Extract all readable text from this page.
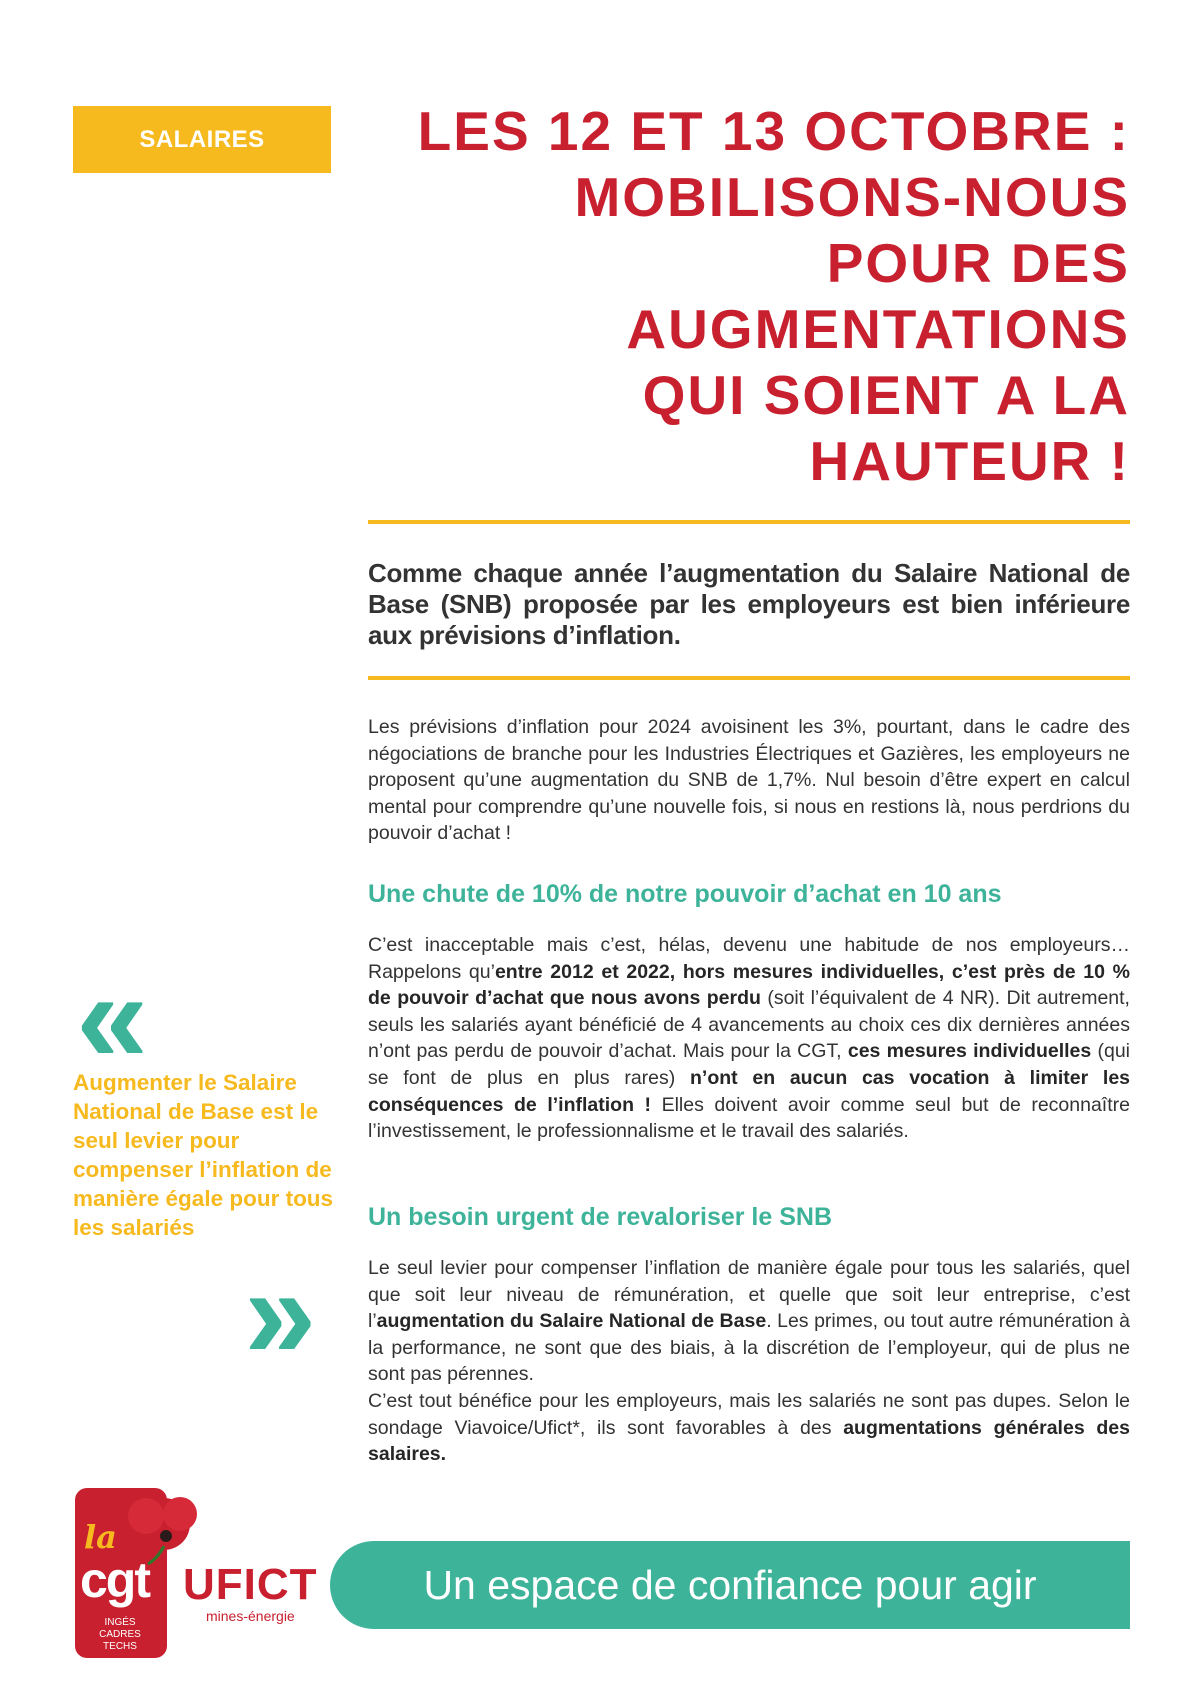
SALAIRES	LES 12 ET 13 OCTOBRE :
MOBILISONS-NOUS
POUR DES
AUGMENTATIONS
QUI SOIENT A LA
HAUTEUR !

Comme chaque année l’augmentation du Salaire National de Base (SNB) proposée par les employeurs est bien inférieure aux prévisions d’inflation.

Les prévisions d’inflation pour 2024 avoisinent les 3%, pourtant, dans le cadre des négociations de branche pour les Industries Électriques et Gazières, les employeurs ne proposent qu’une augmentation du SNB de 1,7%. Nul besoin d’être expert en calcul mental pour comprendre qu’une nouvelle fois, si nous en restions là, nous perdrions du pouvoir d’achat !

Une chute de 10% de notre pouvoir d’achat en 10 ans

C’est inacceptable mais c’est, hélas, devenu une habitude de nos employeurs… Rappelons qu’entre 2012 et 2022, hors mesures individuelles, c’est près de 10 % de pouvoir d’achat que nous avons perdu (soit l’équivalent de 4 NR). Dit autrement, seuls les salariés ayant bénéficié de 4 avancements au choix ces dix dernières années n’ont pas perdu de pouvoir d’achat. Mais pour la CGT, ces mesures individuelles (qui se font de plus en plus rares) n’ont en aucun cas vocation à limiter les conséquences de l’inflation ! Elles doivent avoir comme seul but de reconnaître l’investissement, le professionnalisme et le travail des salariés.

Un besoin urgent de revaloriser le SNB

Le seul levier pour compenser l’inflation de manière égale pour tous les salariés, quel que soit leur niveau de rémunération, et quelle que soit leur entreprise, c’est l’augmentation du Salaire National de Base. Les primes, ou tout autre rémunération à la performance, ne sont que des biais, à la discrétion de l’employeur, qui de plus ne sont pas pérennes.
C’est tout bénéfice pour les employeurs, mais les salariés ne sont pas dupes. Selon le sondage Viavoice/Ufict*, ils sont favorables à des augmentations générales des salaires.

«

Augmenter le Salaire National de Base est le seul levier pour compenser l’inflation de manière égale pour tous les salariés

»
la
cgt
INGÉS
CADRES
TECHS
UFICT
mines-énergie
Un espace de confiance pour agir
